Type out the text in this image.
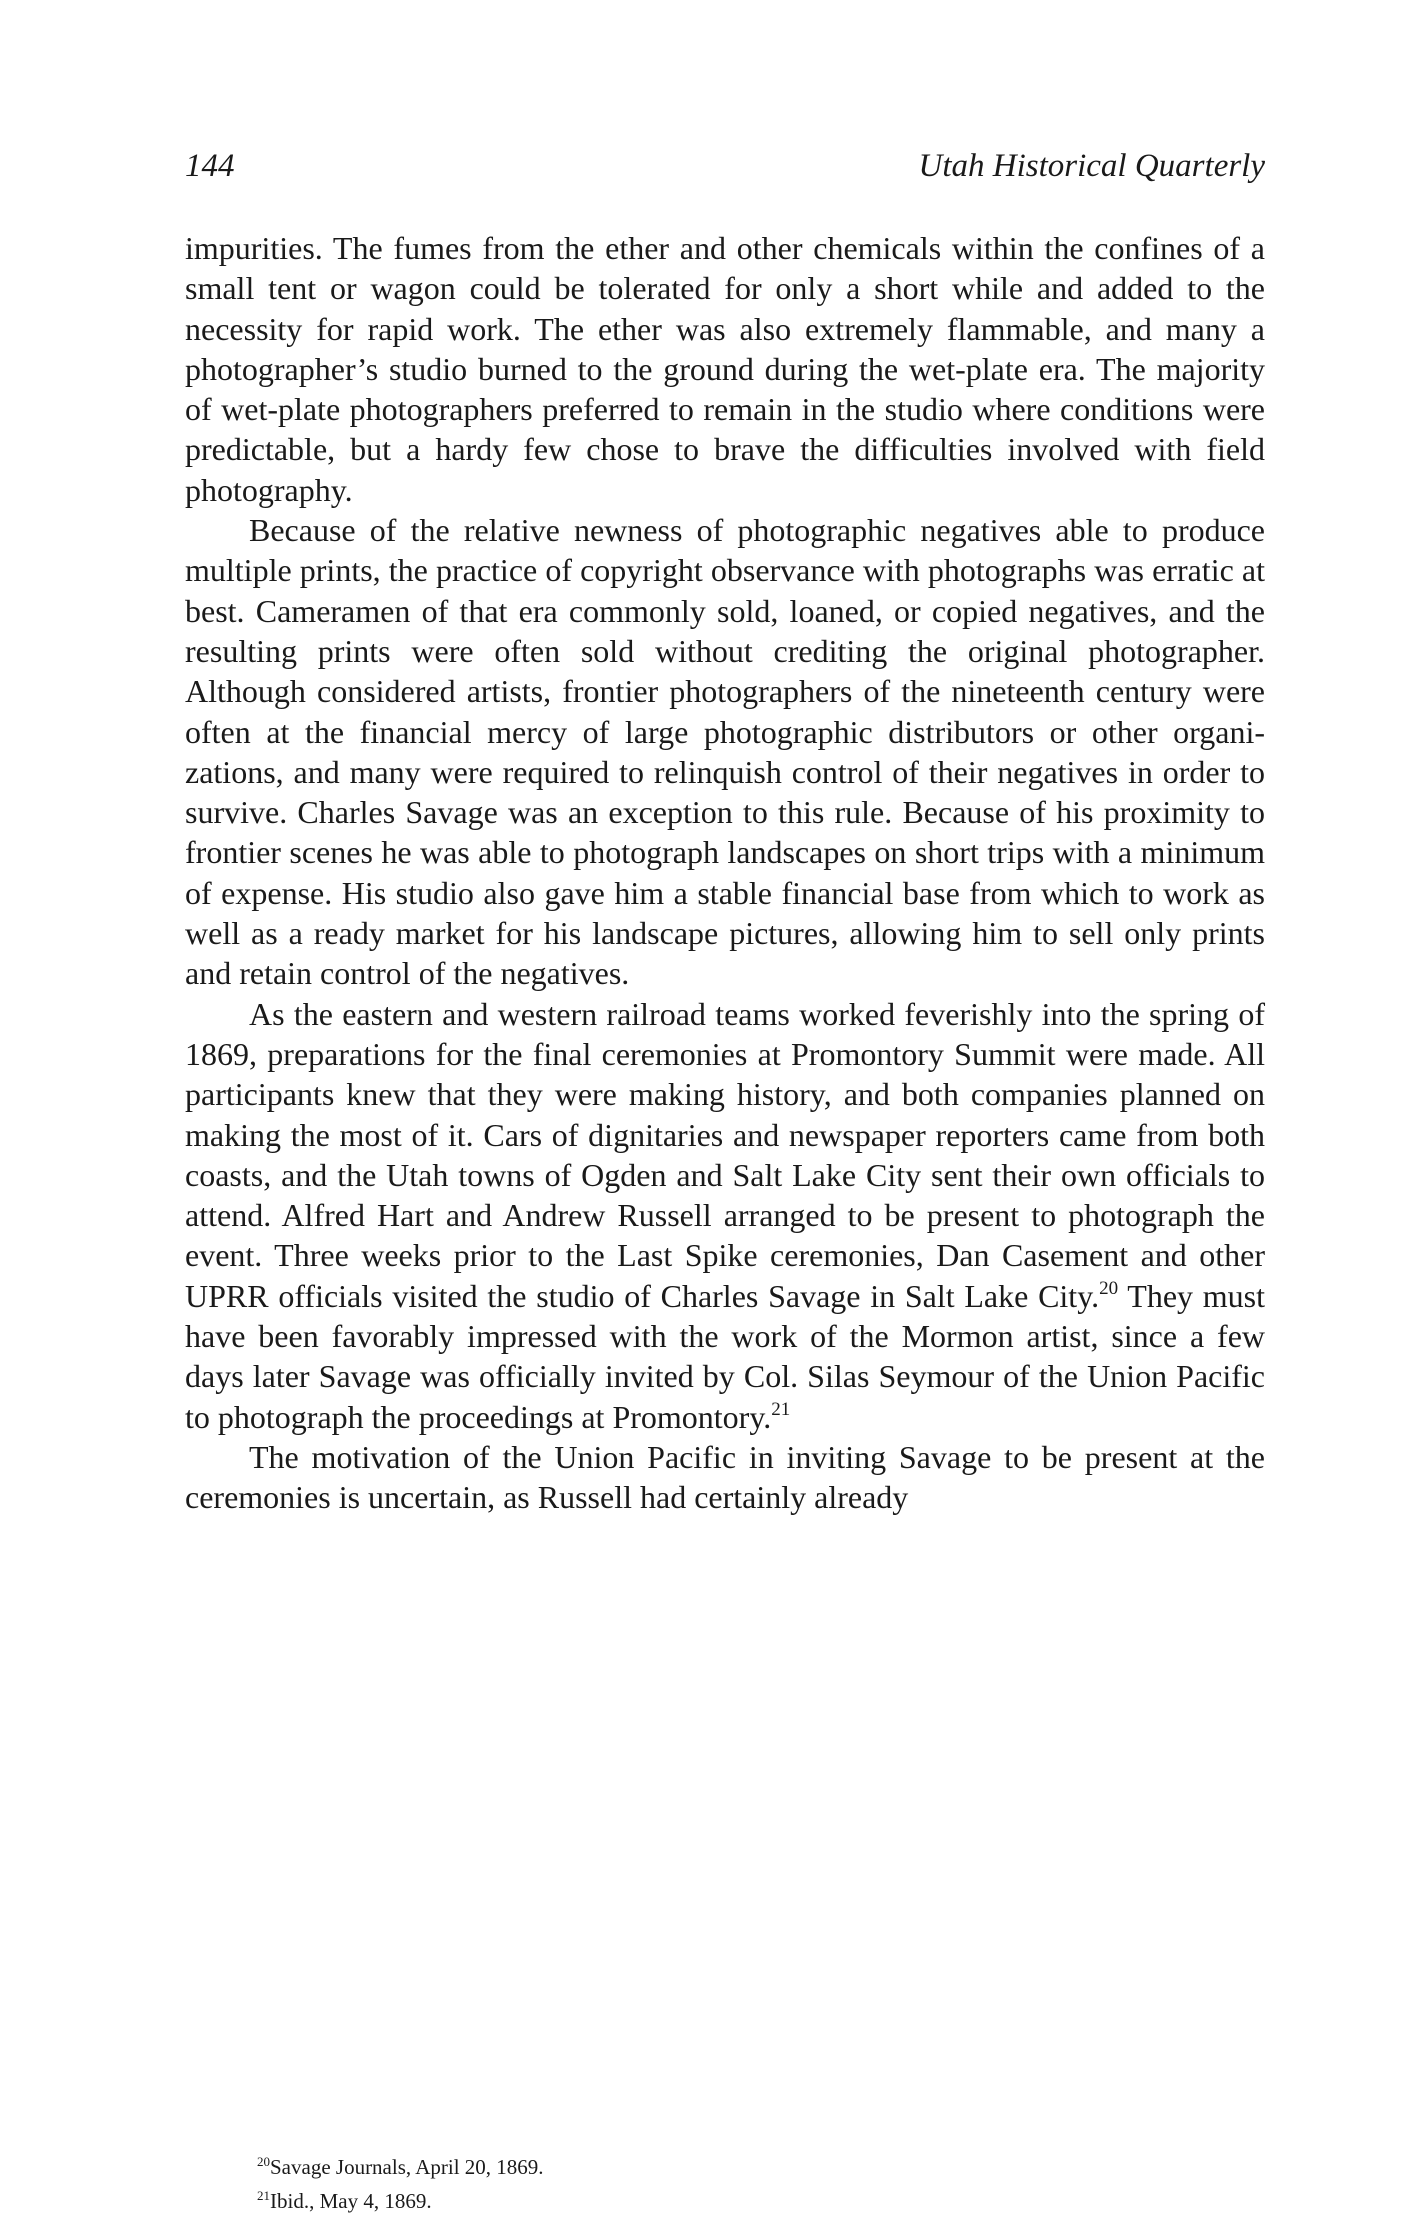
144	Utah Historical Quarterly

impurities. The fumes from the ether and other chemicals within the confines of a small tent or wagon could be tolerated for only a short while and added to the necessity for rapid work. The ether was also extremely flammable, and many a photographer’s studio burned to the ground during the wet-plate era. The majority of wet-plate photographers preferred to remain in the studio where conditions were predictable, but a hardy few chose to brave the difficulties involved with field photography.

Because of the relative newness of photographic negatives able to produce multiple prints, the practice of copyright observance with photographs was erratic at best. Cameramen of that era commonly sold, loaned, or copied negatives, and the resulting prints were often sold without crediting the original photographer. Although considered artists, frontier photographers of the nineteenth century were often at the financial mercy of large photographic distributors or other organizations, and many were required to relinquish control of their negatives in order to survive. Charles Savage was an exception to this rule. Because of his proximity to frontier scenes he was able to photograph landscapes on short trips with a minimum of expense. His studio also gave him a stable financial base from which to work as well as a ready market for his landscape pictures, allowing him to sell only prints and retain control of the negatives.

As the eastern and western railroad teams worked feverishly into the spring of 1869, preparations for the final ceremonies at Promontory Summit were made. All participants knew that they were making history, and both companies planned on making the most of it. Cars of dignitaries and newspaper reporters came from both coasts, and the Utah towns of Ogden and Salt Lake City sent their own officials to attend. Alfred Hart and Andrew Russell arranged to be present to photograph the event. Three weeks prior to the Last Spike ceremonies, Dan Casement and other UPRR officials visited the studio of Charles Savage in Salt Lake City.$^{20}$ They must have been favorably impressed with the work of the Mormon artist, since a few days later Savage was officially invited by Col. Silas Seymour of the Union Pacific to photograph the proceedings at Promontory.$^{21}$

The motivation of the Union Pacific in inviting Savage to be present at the ceremonies is uncertain, as Russell had certainly already

$^{20}$Savage Journals, April 20, 1869.

$^{21}$Ibid., May 4, 1869.
